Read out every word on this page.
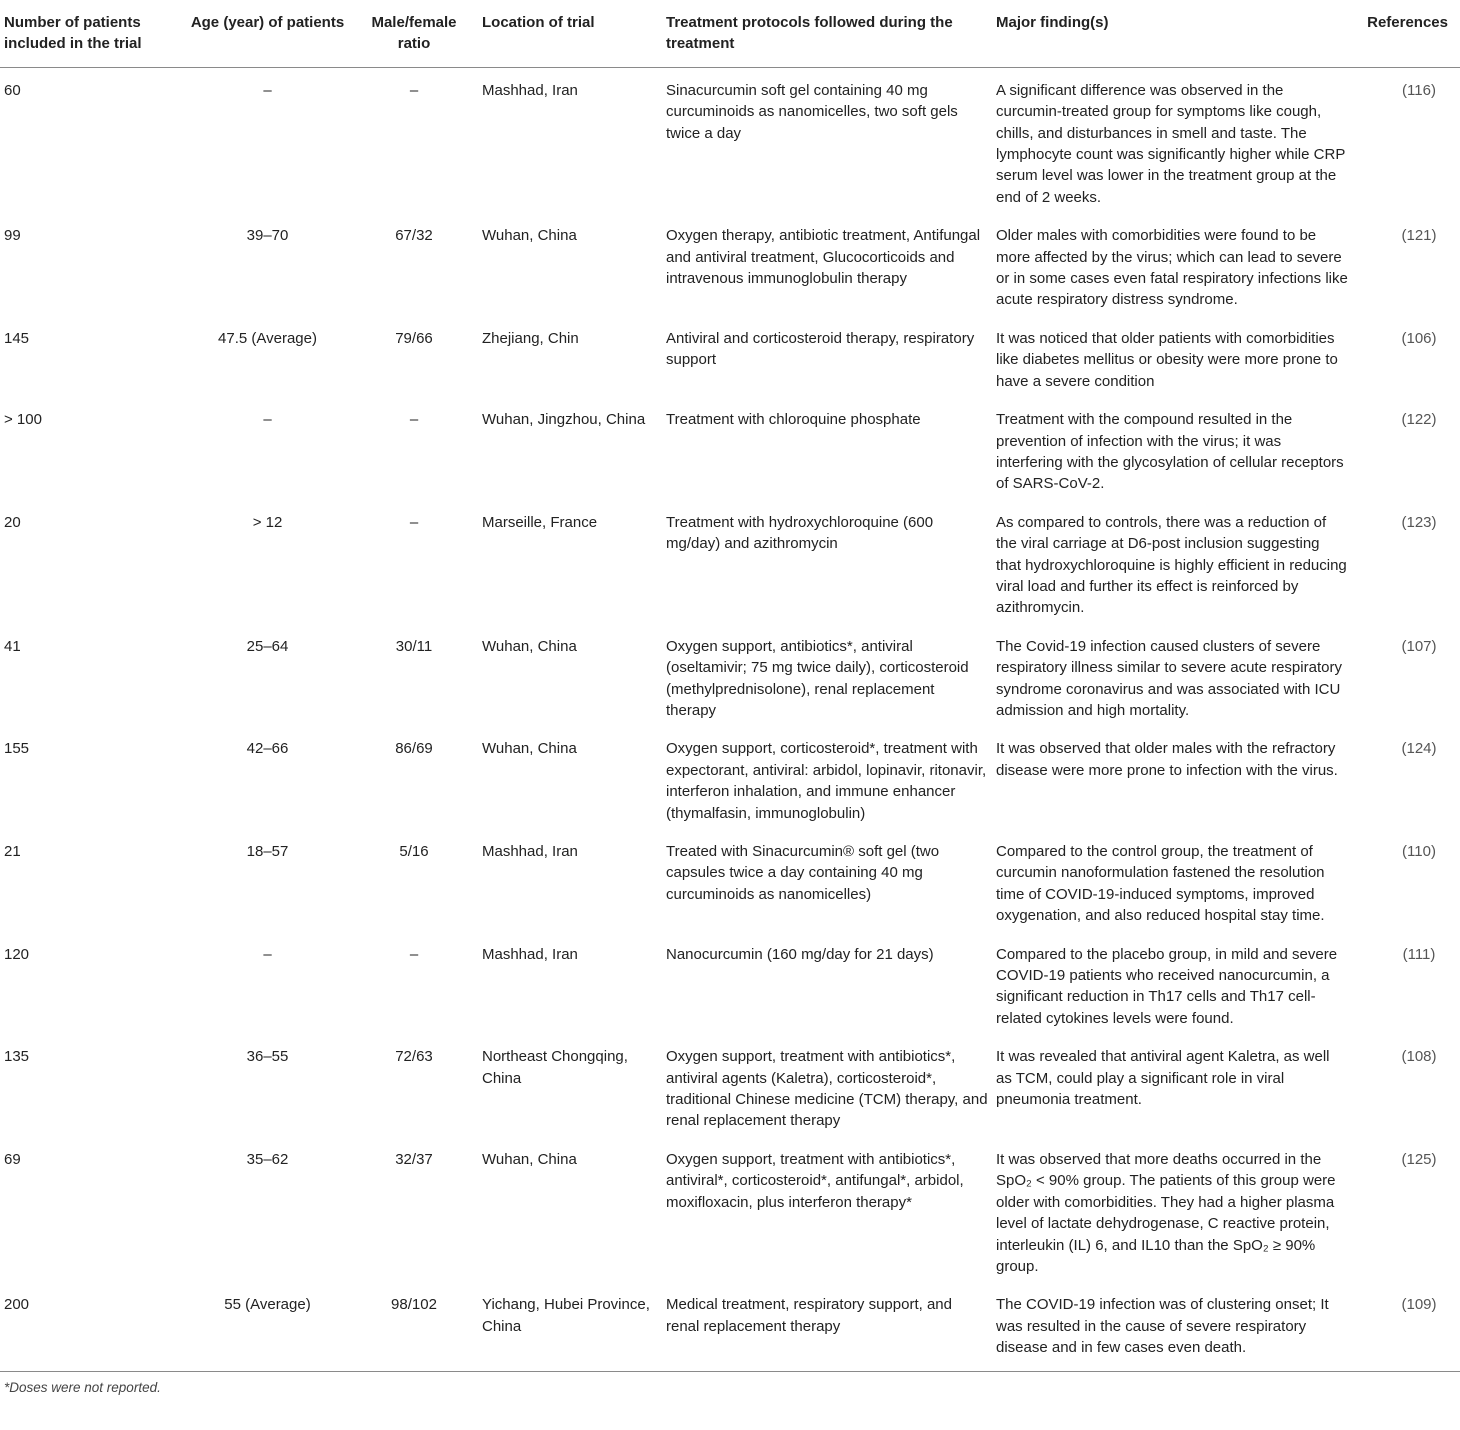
Number of patients included in the trial	Age (year) of patients	Male/female ratio	Location of trial	Treatment protocols followed during the treatment	Major finding(s)	References
60	–	–	Mashhad, Iran	Sinacurcumin soft gel containing 40 mg curcuminoids as nanomicelles, two soft gels twice a day	A significant difference was observed in the curcumin-treated group for symptoms like cough, chills, and disturbances in smell and taste. The lymphocyte count was significantly higher while CRP serum level was lower in the treatment group at the end of 2 weeks.	(116)
99	39–70	67/32	Wuhan, China	Oxygen therapy, antibiotic treatment, Antifungal and antiviral treatment, Glucocorticoids and intravenous immunoglobulin therapy	Older males with comorbidities were found to be more affected by the virus; which can lead to severe or in some cases even fatal respiratory infections like acute respiratory distress syndrome.	(121)
145	47.5 (Average)	79/66	Zhejiang, Chin	Antiviral and corticosteroid therapy, respiratory support	It was noticed that older patients with comorbidities like diabetes mellitus or obesity were more prone to have a severe condition	(106)
> 100	–	–	Wuhan, Jingzhou, China	Treatment with chloroquine phosphate	Treatment with the compound resulted in the prevention of infection with the virus; it was interfering with the glycosylation of cellular receptors of SARS-CoV-2.	(122)
20	> 12	–	Marseille, France	Treatment with hydroxychloroquine (600 mg/day) and azithromycin	As compared to controls, there was a reduction of the viral carriage at D6-post inclusion suggesting that hydroxychloroquine is highly efficient in reducing viral load and further its effect is reinforced by azithromycin.	(123)
41	25–64	30/11	Wuhan, China	Oxygen support, antibiotics*, antiviral (oseltamivir; 75 mg twice daily), corticosteroid (methylprednisolone), renal replacement therapy	The Covid-19 infection caused clusters of severe respiratory illness similar to severe acute respiratory syndrome coronavirus and was associated with ICU admission and high mortality.	(107)
155	42–66	86/69	Wuhan, China	Oxygen support, corticosteroid*, treatment with expectorant, antiviral: arbidol, lopinavir, ritonavir, interferon inhalation, and immune enhancer (thymalfasin, immunoglobulin)	It was observed that older males with the refractory disease were more prone to infection with the virus.	(124)
21	18–57	5/16	Mashhad, Iran	Treated with Sinacurcumin® soft gel (two capsules twice a day containing 40 mg curcuminoids as nanomicelles)	Compared to the control group, the treatment of curcumin nanoformulation fastened the resolution time of COVID-19-induced symptoms, improved oxygenation, and also reduced hospital stay time.	(110)
120	–	–	Mashhad, Iran	Nanocurcumin (160 mg/day for 21 days)	Compared to the placebo group, in mild and severe COVID-19 patients who received nanocurcumin, a significant reduction in Th17 cells and Th17 cell-related cytokines levels were found.	(111)
135	36–55	72/63	Northeast Chongqing, China	Oxygen support, treatment with antibiotics*, antiviral agents (Kaletra), corticosteroid*, traditional Chinese medicine (TCM) therapy, and renal replacement therapy	It was revealed that antiviral agent Kaletra, as well as TCM, could play a significant role in viral pneumonia treatment.	(108)
69	35–62	32/37	Wuhan, China	Oxygen support, treatment with antibiotics*, antiviral*, corticosteroid*, antifungal*, arbidol, moxifloxacin, plus interferon therapy*	It was observed that more deaths occurred in the SpO₂ < 90% group. The patients of this group were older with comorbidities. They had a higher plasma level of lactate dehydrogenase, C reactive protein, interleukin (IL) 6, and IL10 than the SpO₂ ≥ 90% group.	(125)
200	55 (Average)	98/102	Yichang, Hubei Province, China	Medical treatment, respiratory support, and renal replacement therapy	The COVID-19 infection was of clustering onset; It was resulted in the cause of severe respiratory disease and in few cases even death.	(109)
*Doses were not reported.
